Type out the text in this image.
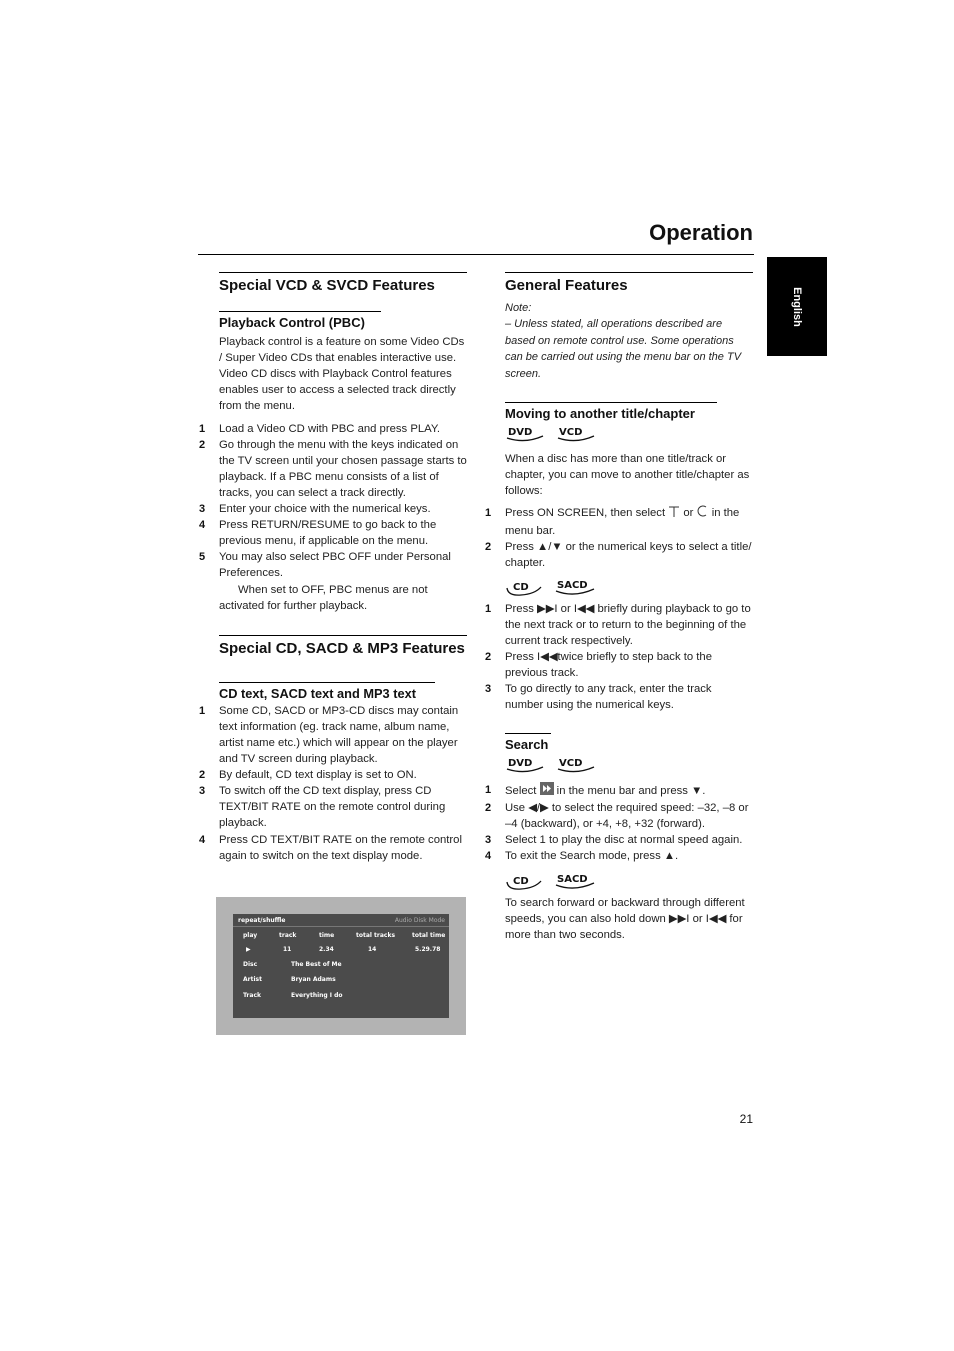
Operation
English
Special VCD & SVCD Features
Playback Control (PBC)

Playback control is a feature on some Video CDs / Super Video CDs that enables interactive use. Video CD discs with Playback Control features enables user to access a selected track directly from the menu.

1 Load a Video CD with PBC and press PLAY.
2 Go through the menu with the keys indicated on the TV screen until your chosen passage starts to playback. If a PBC menu consists of a list of tracks, you can select a track directly.
3 Enter your choice with the numerical keys.
4 Press RETURN/RESUME to go back to the previous menu, if applicable on the menu.
5 You may also select PBC OFF under Personal Preferences.

When set to OFF, PBC menus are not activated for further playback.

Special CD, SACD & MP3 Features
CD text, SACD text and MP3 text
1 Some CD, SACD or MP3-CD discs may contain text information (eg. track name, album name, artist name etc.) which will appear on the player and TV screen during playback.
2 By default, CD text display is set to ON.
3 To switch off the CD text display, press CD TEXT/BIT RATE on the remote control during playback.
4 Press CD TEXT/BIT RATE on the remote control again to switch on the text display mode.
repeat/shuffle	Audio Disk Mode
play	track	time	total tracks	total time
▶	11	2.34	14	5.29.78
Disc	The Best of Me
Artist	Bryan Adams
Track	Everything I do
General Features

Note:

– Unless stated, all operations described are based on remote control use. Some operations can be carried out using the menu bar on the TV screen.

Moving to another title/chapter
DVD
	VCD

When a disc has more than one title/track or chapter, you can move to another title/chapter as follows:

1 Press ON SCREEN, then select  or  in the menu bar.
2 Press ▲/▼ or the numerical keys to select a title/ chapter.
CD
	SACD
1 Press ▶▶I or I◀◀ briefly during playback to go to the next track or to return to the beginning of the current track respectively.
2 Press I◀◀twice briefly to step back to the previous track.
3 To go directly to any track, enter the track number using the numerical keys.
Search
DVD
	VCD
1 Select  in the menu bar and press ▼.
2 Use ◀/▶ to select the required speed: –32, –8 or –4 (backward), or +4, +8, +32 (forward).
3 Select 1 to play the disc at normal speed again.
4 To exit the Search mode, press ▲.
CD
	SACD

To search forward or backward through different speeds, you can also hold down ▶▶I or I◀◀ for more than two seconds.

21
